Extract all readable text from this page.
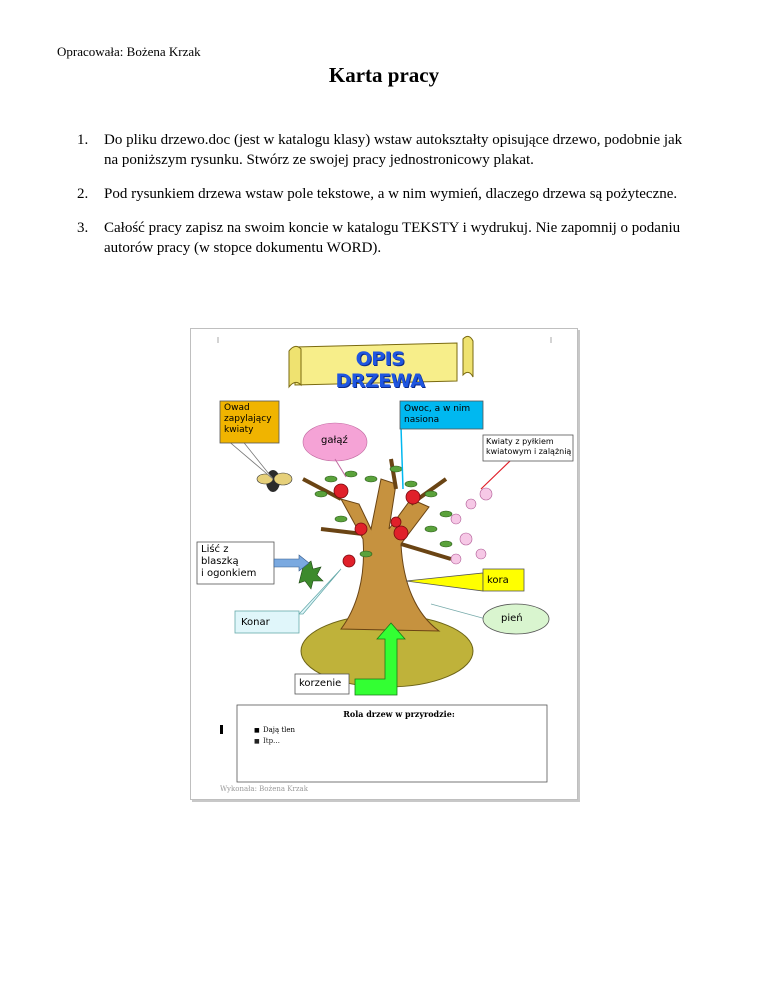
Opracowała: Bożena Krzak
Karta pracy
1. Do pliku drzewo.doc (jest w katalogu klasy) wstaw autokształty opisujące drzewo, podobnie jak na poniższym rysunku. Stwórz ze swojej pracy jednostronicowy plakat.
2. Pod rysunkiem drzewa wstaw pole tekstowe, a w nim wymień, dlaczego drzewa są pożyteczne.
3. Całość pracy zapisz na swoim koncie w katalogu TEKSTY i wydrukuj. Nie zapomnij o podaniu autorów pracy (w stopce dokumentu WORD).
OPIS DRZEWA
Owad
zapylający
kwiaty
Owoc, a w nim
nasiona
gałąź	Kwiaty z pyłkiem
kwiatowym i zalążnią
Liść z
blaszką
i ogonkiem
kora
Konar	pień
korzenie
Rola drzew w przyrodzie:
■ Dają tlen
■ Itp…
Wykonała: Bożena Krzak
